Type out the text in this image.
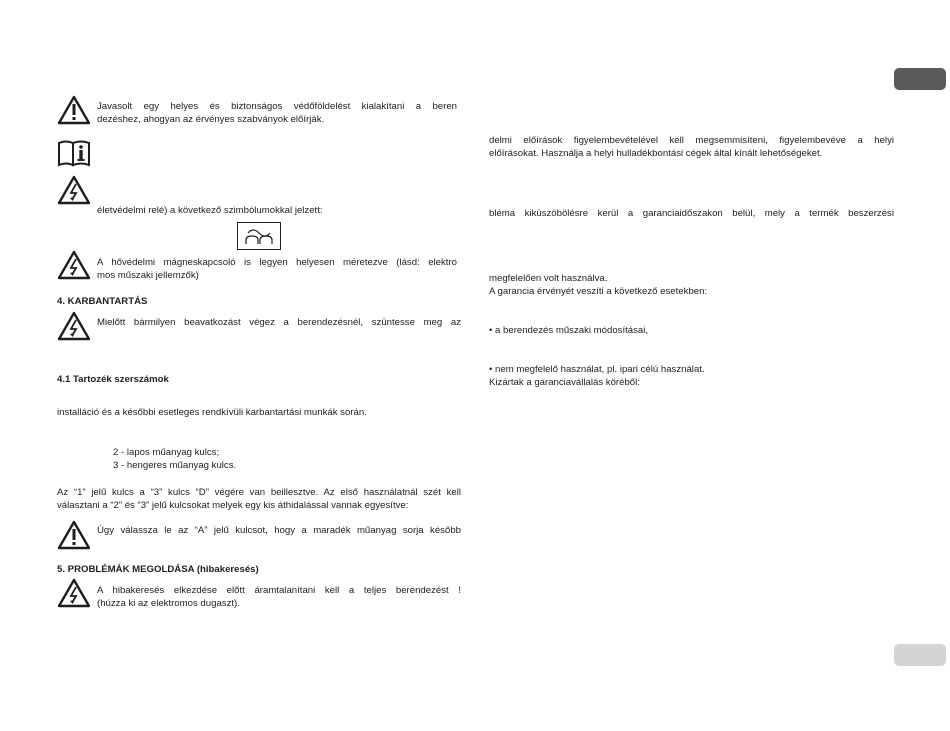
Javasolt egy helyes és biztonságos védőföldelést kialakítani a beren
dezéshez, ahogyan az érvényes szabványok előírják.
életvédelmi relé) a következő szimbólumokkal jelzett:
A hővédelmi mágneskapcsoló is legyen helyesen méretezve (lásd: elektro
mos műszaki jellemzők)
4. KARBANTARTÁS
Mielőtt bármilyen beavatkozást végez a berendezésnél, szüntesse meg az
4.1 Tartozék szerszámok
installáció és a későbbi esetleges rendkívüli karbantartási munkák során.
2 - lapos műanyag kulcs;
3 - hengeres műanyag kulcs.
Az “1” jelű kulcs a “3” kulcs “D” végére van beillesztve. Az első használatnál szét kell
választani a “2” és “3” jelű kulcsokat melyek egy kis áthidalással vannak egyesítve:
Úgy válassza le az “A” jelű kulcsot, hogy a maradék műanyag sorja később
5. PROBLÉMÁK MEGOLDÁSA (hibakeresés)
A hibakeresés elkezdése előtt áramtalanítani kell a teljes berendezést !
(húzza ki az elektromos dugaszt).
delmi előírások figyelembevételével kell megsemmisíteni, figyelembevéve a helyi
előírásokat. Használja a helyi hulladékbontási cégek által kínált lehetőségeket.
bléma kiküszöbölésre kerül a garanciaidőszakon belül, mely a termék beszerzési
megfelelően volt használva.
A garancia érvényét veszíti a következő esetekben:
• a berendezés műszaki módosításai,
• nem megfelelő használat, pl. ipari célú használat.
Kizártak a garanciavállalás köréből:
